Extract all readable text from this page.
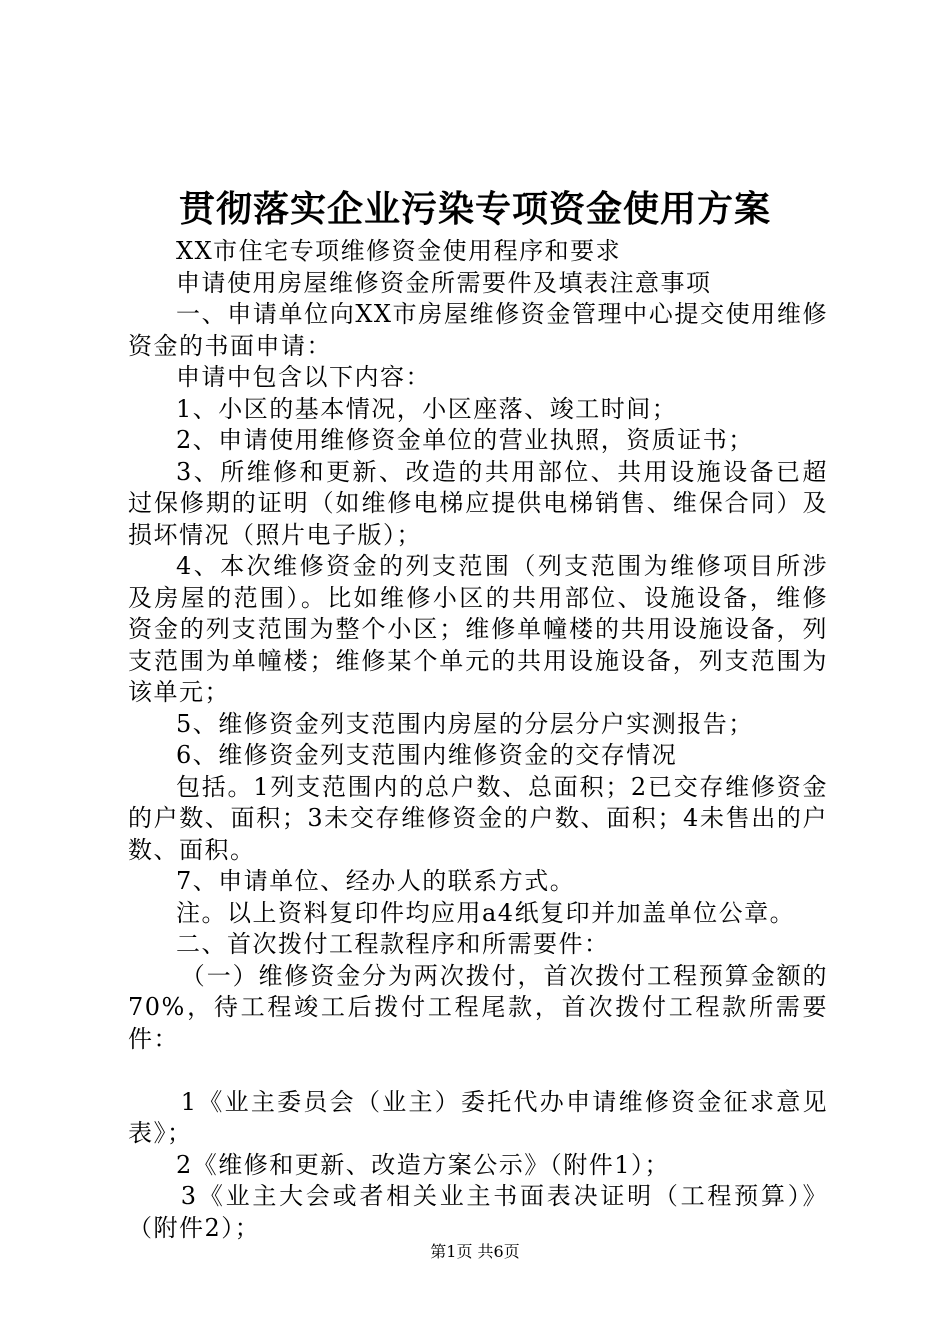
贯彻落实企业污染专项资金使用方案

XX市住宅专项维修资金使用程序和要求

申请使用房屋维修资金所需要件及填表注意事项

一、申请单位向XX市房屋维修资金管理中心提交使用维修资金的书面申请：

申请中包含以下内容：

1、小区的基本情况，小区座落、竣工时间；

2、申请使用维修资金单位的营业执照，资质证书；

3、所维修和更新、改造的共用部位、共用设施设备已超过保修期的证明（如维修电梯应提供电梯销售、维保合同）及损坏情况（照片电子版）；

4、本次维修资金的列支范围（列支范围为维修项目所涉及房屋的范围）。比如维修小区的共用部位、设施设备，维修资金的列支范围为整个小区；维修单幢楼的共用设施设备，列支范围为单幢楼；维修某个单元的共用设施设备，列支范围为该单元；

5、维修资金列支范围内房屋的分层分户实测报告；

6、维修资金列支范围内维修资金的交存情况

包括。1列支范围内的总户数、总面积；2已交存维修资金的户数、面积；3未交存维修资金的户数、面积；4未售出的户数、面积。

7、申请单位、经办人的联系方式。

注。以上资料复印件均应用a4纸复印并加盖单位公章。

二、首次拨付工程款程序和所需要件：

（一）维修资金分为两次拨付，首次拨付工程预算金额的70%，待工程竣工后拨付工程尾款，首次拨付工程款所需要件：

1《业主委员会（业主）委托代办申请维修资金征求意见表》；

2《维修和更新、改造方案公示》（附件1）；

3《业主大会或者相关业主书面表决证明（工程预算）》（附件2）；

第1页 共6页
